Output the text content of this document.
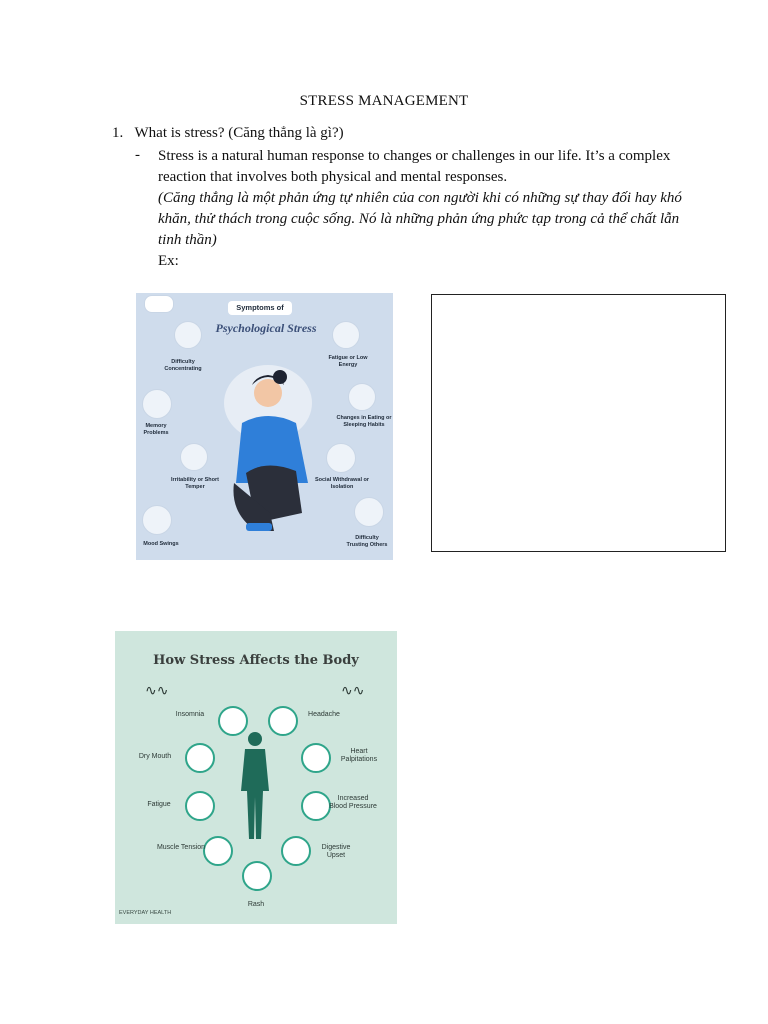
STRESS MANAGEMENT
1. What is stress? (Căng thẳng là gì?)
- Stress is a natural human response to changes or challenges in our life. It’s a complex reaction that involves both physical and mental responses.

(Căng thẳng là một phản ứng tự nhiên của con người khi có những sự thay đối hay khó khăn, thử thách trong cuộc sống. Nó là những phản ứng phức tạp trong cả thể chất lẫn tinh thần)

Ex:

Symptoms of
Psychological Stress
Difficulty Concentrating
Memory Problems
Irritability or Short Temper
Mood Swings
Fatigue or Low Energy
Changes in Eating or Sleeping Habits
Social Withdrawal or Isolation
Difficulty Trusting Others
How Stress Affects the Body
∿∿	∿∿
Insomnia	Headache
Dry Mouth
Heart Palpitations
Fatigue
Increased Blood Pressure
Muscle Tension	Digestive Upset
Rash
EVERYDAY HEALTH
